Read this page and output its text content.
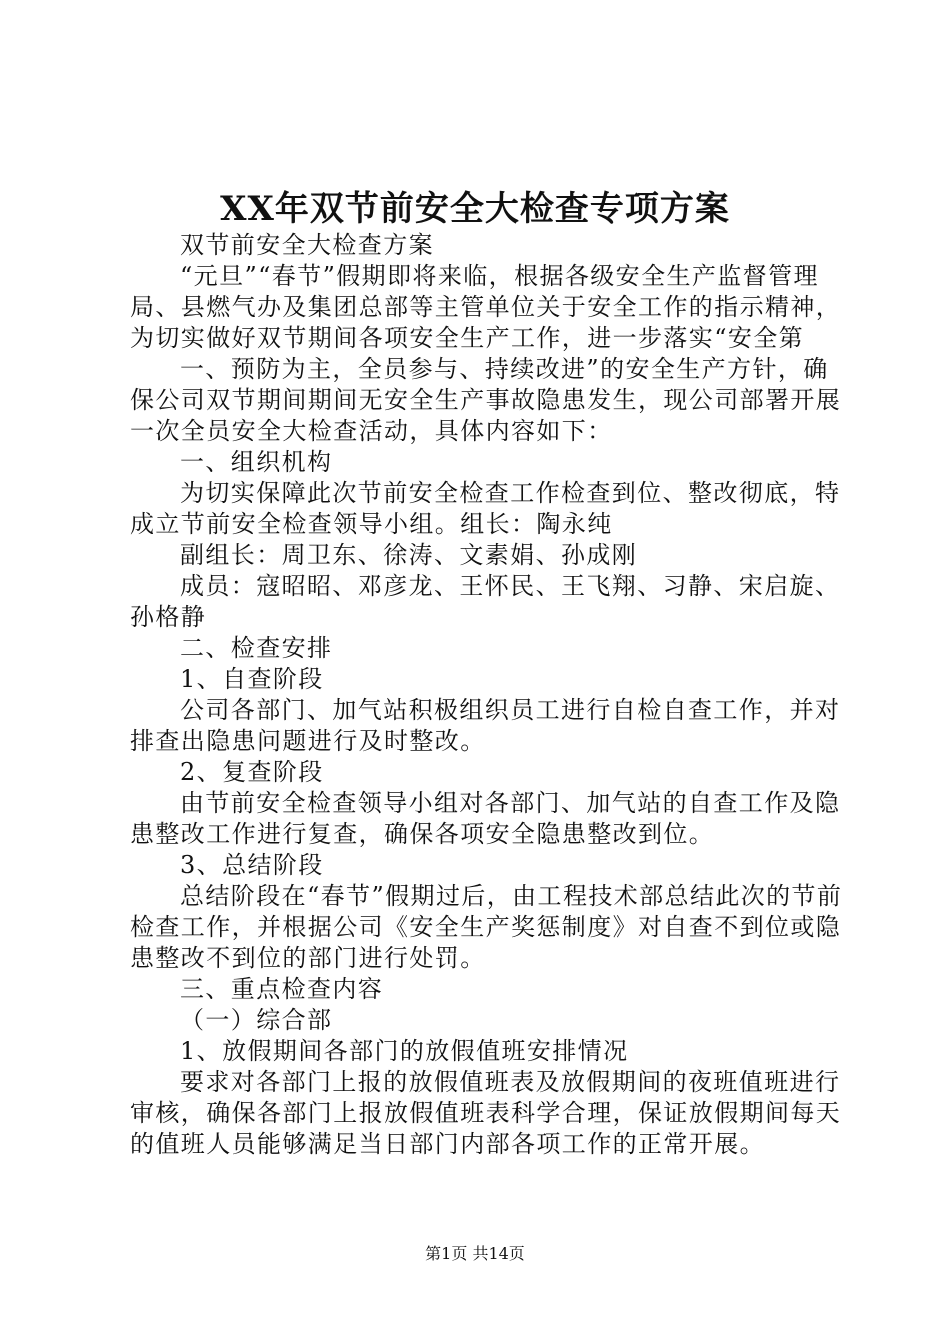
XX年双节前安全大检查专项方案

双节前安全大检查方案

“元旦”“春节”假期即将来临，根据各级安全生产监督管理局、县燃气办及集团总部等主管单位关于安全工作的指示精神，为切实做好双节期间各项安全生产工作，进一步落实“安全第

一、预防为主，全员参与、持续改进”的安全生产方针，确保公司双节期间期间无安全生产事故隐患发生，现公司部署开展一次全员安全大检查活动，具体内容如下：

一、组织机构

为切实保障此次节前安全检查工作检查到位、整改彻底，特成立节前安全检查领导小组。组长：陶永纯

副组长：周卫东、徐涛、文素娟、孙成刚

成员：寇昭昭、邓彦龙、王怀民、王飞翔、习静、宋启旋、孙格静

二、检查安排

1、自查阶段

公司各部门、加气站积极组织员工进行自检自查工作，并对排查出隐患问题进行及时整改。

2、复查阶段

由节前安全检查领导小组对各部门、加气站的自查工作及隐患整改工作进行复查，确保各项安全隐患整改到位。

3、总结阶段

总结阶段在“春节”假期过后，由工程技术部总结此次的节前检查工作，并根据公司《安全生产奖惩制度》对自查不到位或隐患整改不到位的部门进行处罚。

三、重点检查内容

（一）综合部

1、放假期间各部门的放假值班安排情况

要求对各部门上报的放假值班表及放假期间的夜班值班进行审核，确保各部门上报放假值班表科学合理，保证放假期间每天的值班人员能够满足当日部门内部各项工作的正常开展。

第1页 共14页
